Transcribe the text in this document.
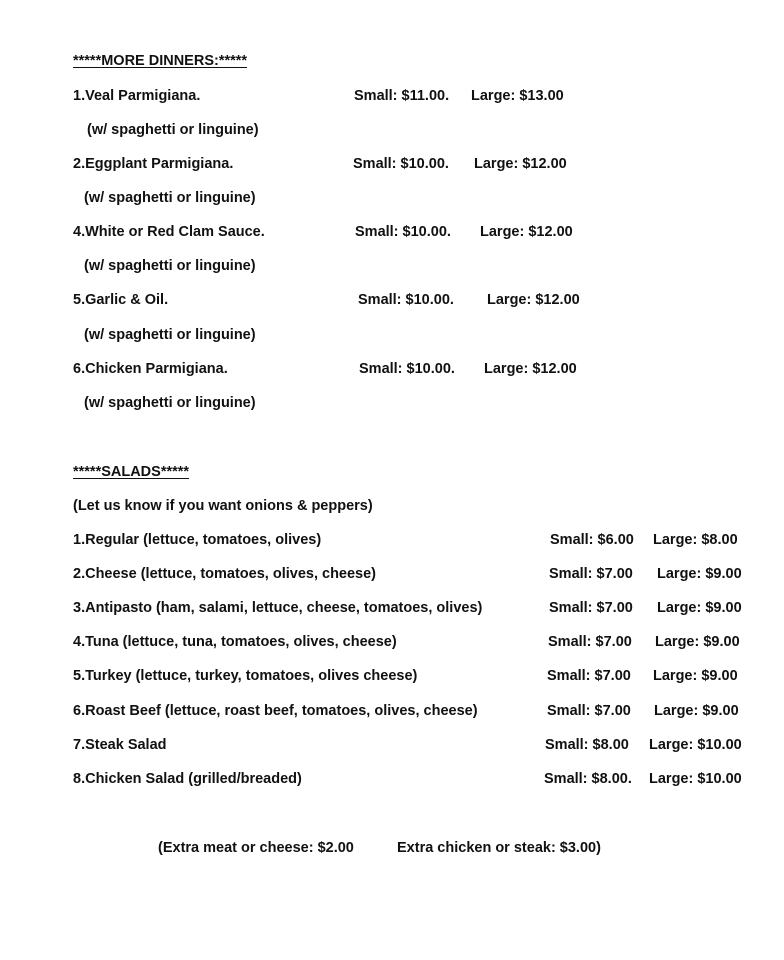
*****MORE DINNERS:*****
1.Veal Parmigiana.	Small: $11.00. Large: $13.00
(w/ spaghetti or linguine)
2.Eggplant Parmigiana.	Small: $10.00. Large: $12.00
(w/ spaghetti or linguine)
4.White or Red Clam Sauce.	Small: $10.00. Large: $12.00
(w/ spaghetti or linguine)
5.Garlic & Oil.	Small: $10.00. Large: $12.00
(w/ spaghetti or linguine)
6.Chicken Parmigiana.	Small: $10.00. Large: $12.00
(w/ spaghetti or linguine)
*****SALADS*****
(Let us know if you want onions & peppers)
1.Regular (lettuce, tomatoes, olives)	Small: $6.00 Large: $8.00
2.Cheese (lettuce, tomatoes, olives, cheese)	Small: $7.00 Large: $9.00
3.Antipasto (ham, salami, lettuce, cheese, tomatoes, olives)	Small: $7.00 Large: $9.00
4.Tuna (lettuce, tuna, tomatoes, olives, cheese)	Small: $7.00 Large: $9.00
5.Turkey (lettuce, turkey, tomatoes, olives cheese)	Small: $7.00 Large: $9.00
6.Roast Beef (lettuce, roast beef, tomatoes, olives, cheese)	Small: $7.00 Large: $9.00
7.Steak Salad	Small: $8.00 Large: $10.00
8.Chicken Salad (grilled/breaded)	Small: $8.00. Large: $10.00
(Extra meat or cheese: $2.00	Extra chicken or steak: $3.00)
